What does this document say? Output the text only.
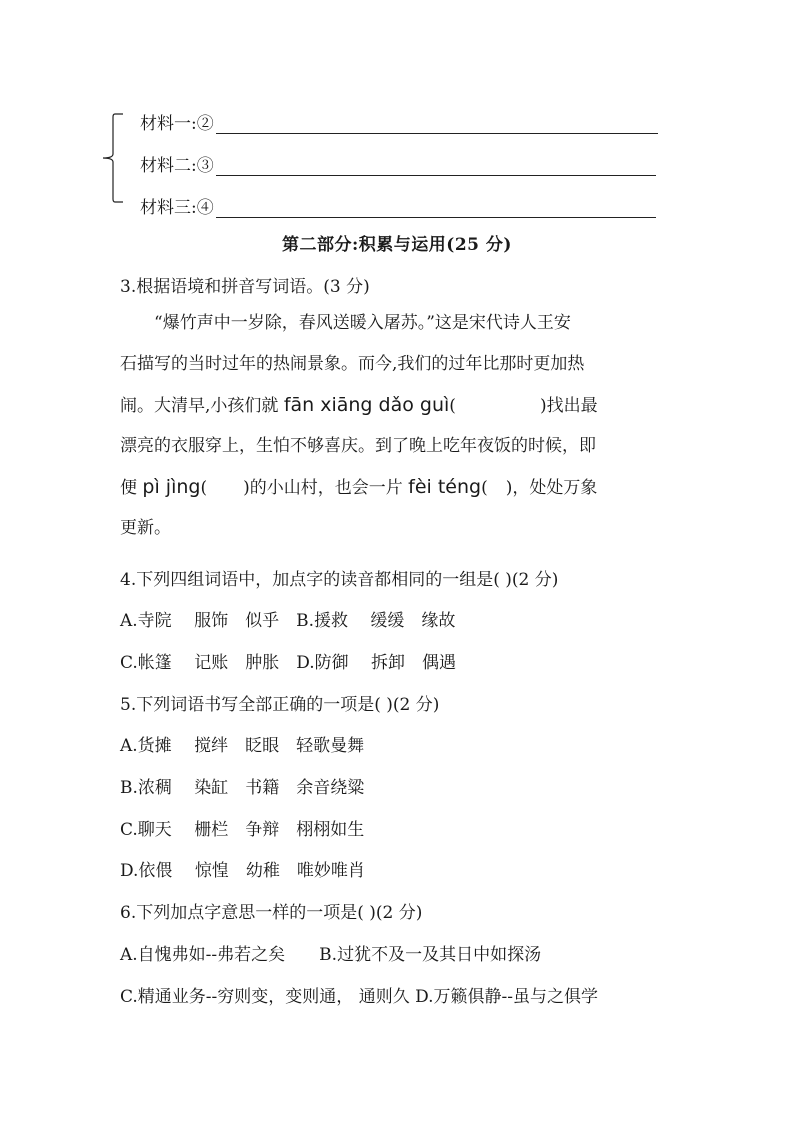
材料一:②
材料二:③
材料三:④
第二部分:积累与运用(25 分)
3.根据语境和拼音写词语。(3 分)
“爆竹声中一岁除，春风送暖入屠苏。”这是宋代诗人王安
石描写的当时过年的热闹景象。而今,我们的过年比那时更加热
闹。大清早,小孩们就 fān xiāng dǎo guì(	)找出最
漂亮的衣服穿上，生怕不够喜庆。到了晚上吃年夜饭的时候，即
便 pì jìng( )的小山村，也会一片 fèi téng( )，处处万象
更新。
4.下列四组词语中，加点字的读音都相同的一组是( )(2 分)
A.寺院　 服饰　似乎　B.援救　 缓缓　缘故
C.帐篷　 记账　肿胀　D.防御　 拆卸　偶遇
5.下列词语书写全部正确的一项是( )(2 分)
A.货摊　 搅绊　眨眼　轻歌曼舞
B.浓稠　 染缸　书籍　余音绕粱
C.聊天　 栅栏　争辩　栩栩如生
D.依偎　 惊惶　幼稚　唯妙唯肖
6.下列加点字意思一样的一项是( )(2 分)
A.自愧弗如--弗若之矣　　B.过犹不及一及其日中如探汤
C.精通业务--穷则变，变则通， 通则久 D.万籁俱静--虽与之俱学
